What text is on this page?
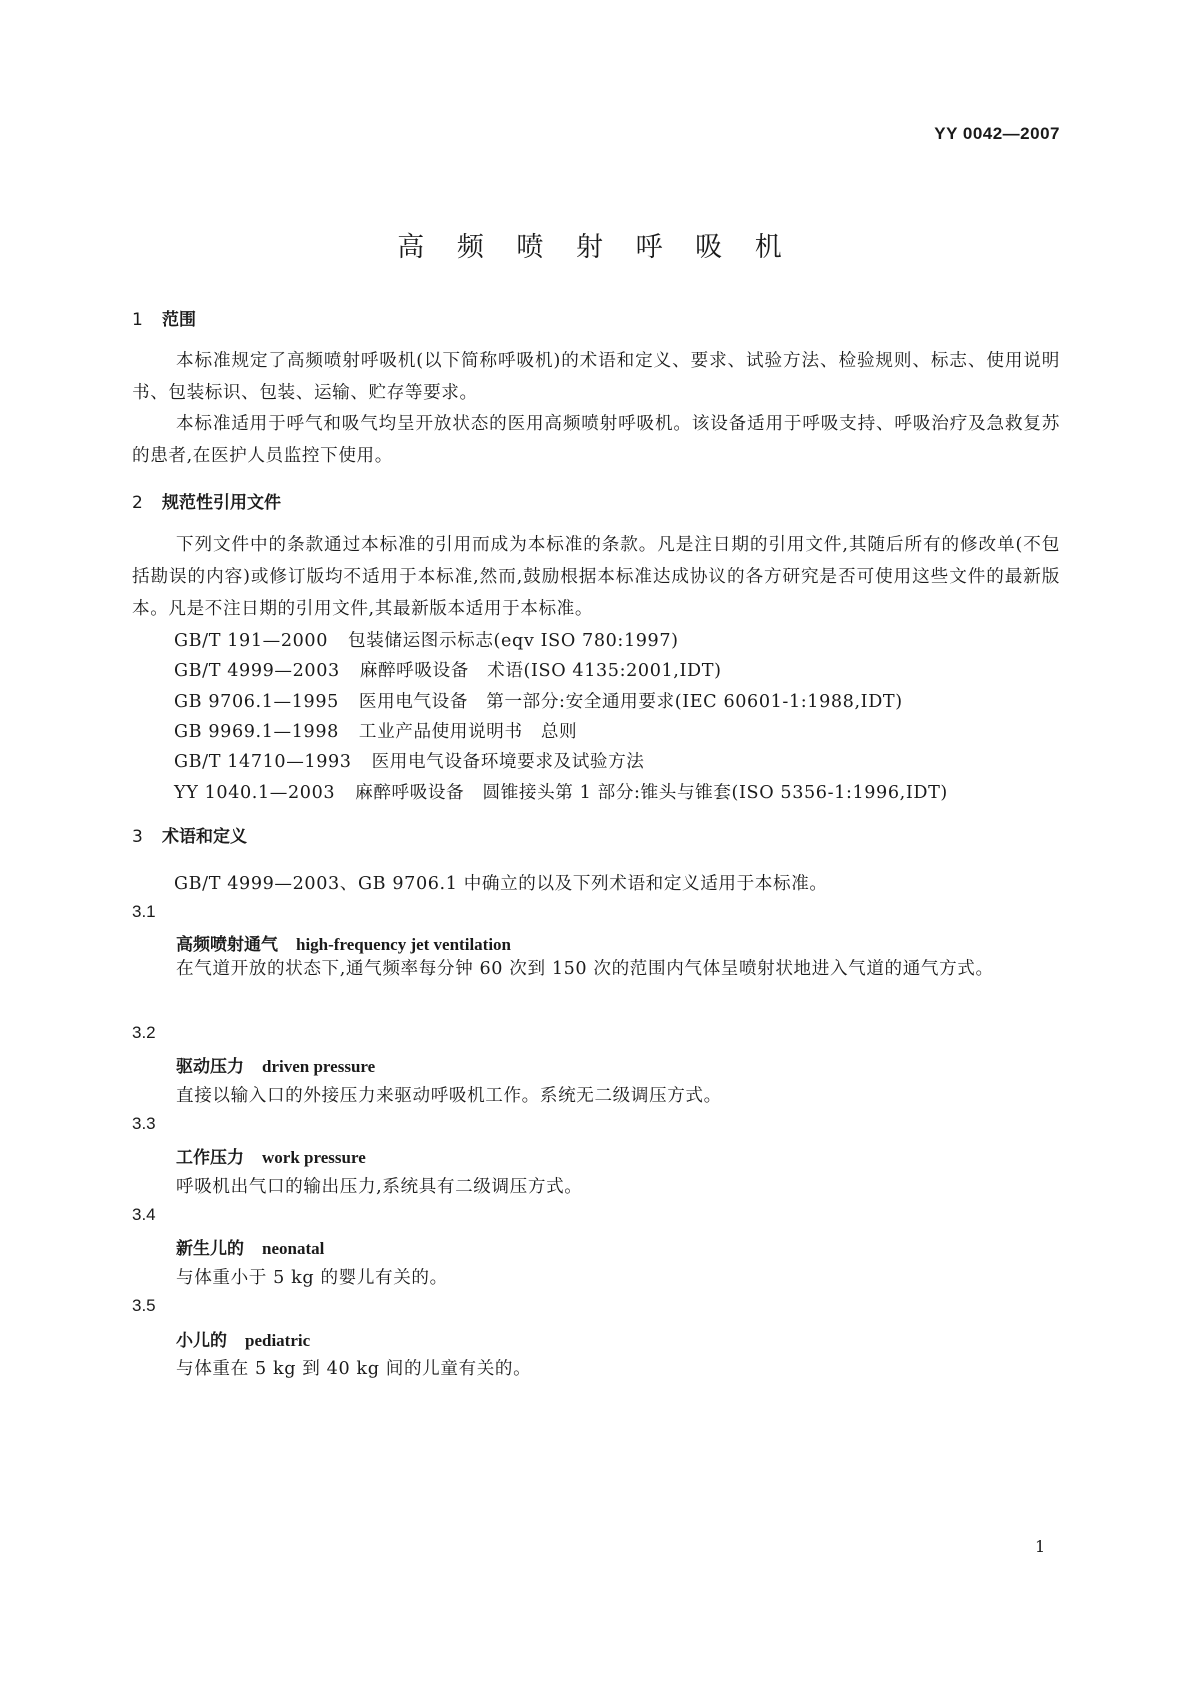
YY 0042—2007
高 频 喷 射 呼 吸 机
1 范围

本标准规定了高频喷射呼吸机(以下简称呼吸机)的术语和定义、要求、试验方法、检验规则、标志、使用说明书、包装标识、包装、运输、贮存等要求。

本标准适用于呼气和吸气均呈开放状态的医用高频喷射呼吸机。该设备适用于呼吸支持、呼吸治疗及急救复苏的患者,在医护人员监控下使用。

2 规范性引用文件

下列文件中的条款通过本标准的引用而成为本标准的条款。凡是注日期的引用文件,其随后所有的修改单(不包括勘误的内容)或修订版均不适用于本标准,然而,鼓励根据本标准达成协议的各方研究是否可使用这些文件的最新版本。凡是不注日期的引用文件,其最新版本适用于本标准。

GB/T 191—2000 包装储运图示标志(eqv ISO 780:1997)
GB/T 4999—2003 麻醉呼吸设备　术语(ISO 4135:2001,IDT)
GB 9706.1—1995 医用电气设备　第一部分:安全通用要求(IEC 60601-1:1988,IDT)
GB 9969.1—1998 工业产品使用说明书　总则
GB/T 14710—1993 医用电气设备环境要求及试验方法
YY 1040.1—2003 麻醉呼吸设备　圆锥接头第 1 部分:锥头与锥套(ISO 5356-1:1996,IDT)
3 术语和定义
GB/T 4999—2003、GB 9706.1 中确立的以及下列术语和定义适用于本标准。
3.1
高频喷射通气 high-frequency jet ventilation

在气道开放的状态下,通气频率每分钟 60 次到 150 次的范围内气体呈喷射状地进入气道的通气方式。

3.2
驱动压力 driven pressure
直接以输入口的外接压力来驱动呼吸机工作。系统无二级调压方式。
3.3
工作压力 work pressure
呼吸机出气口的输出压力,系统具有二级调压方式。
3.4
新生儿的 neonatal
与体重小于 5 kg 的婴儿有关的。
3.5
小儿的 pediatric
与体重在 5 kg 到 40 kg 间的儿童有关的。
1
